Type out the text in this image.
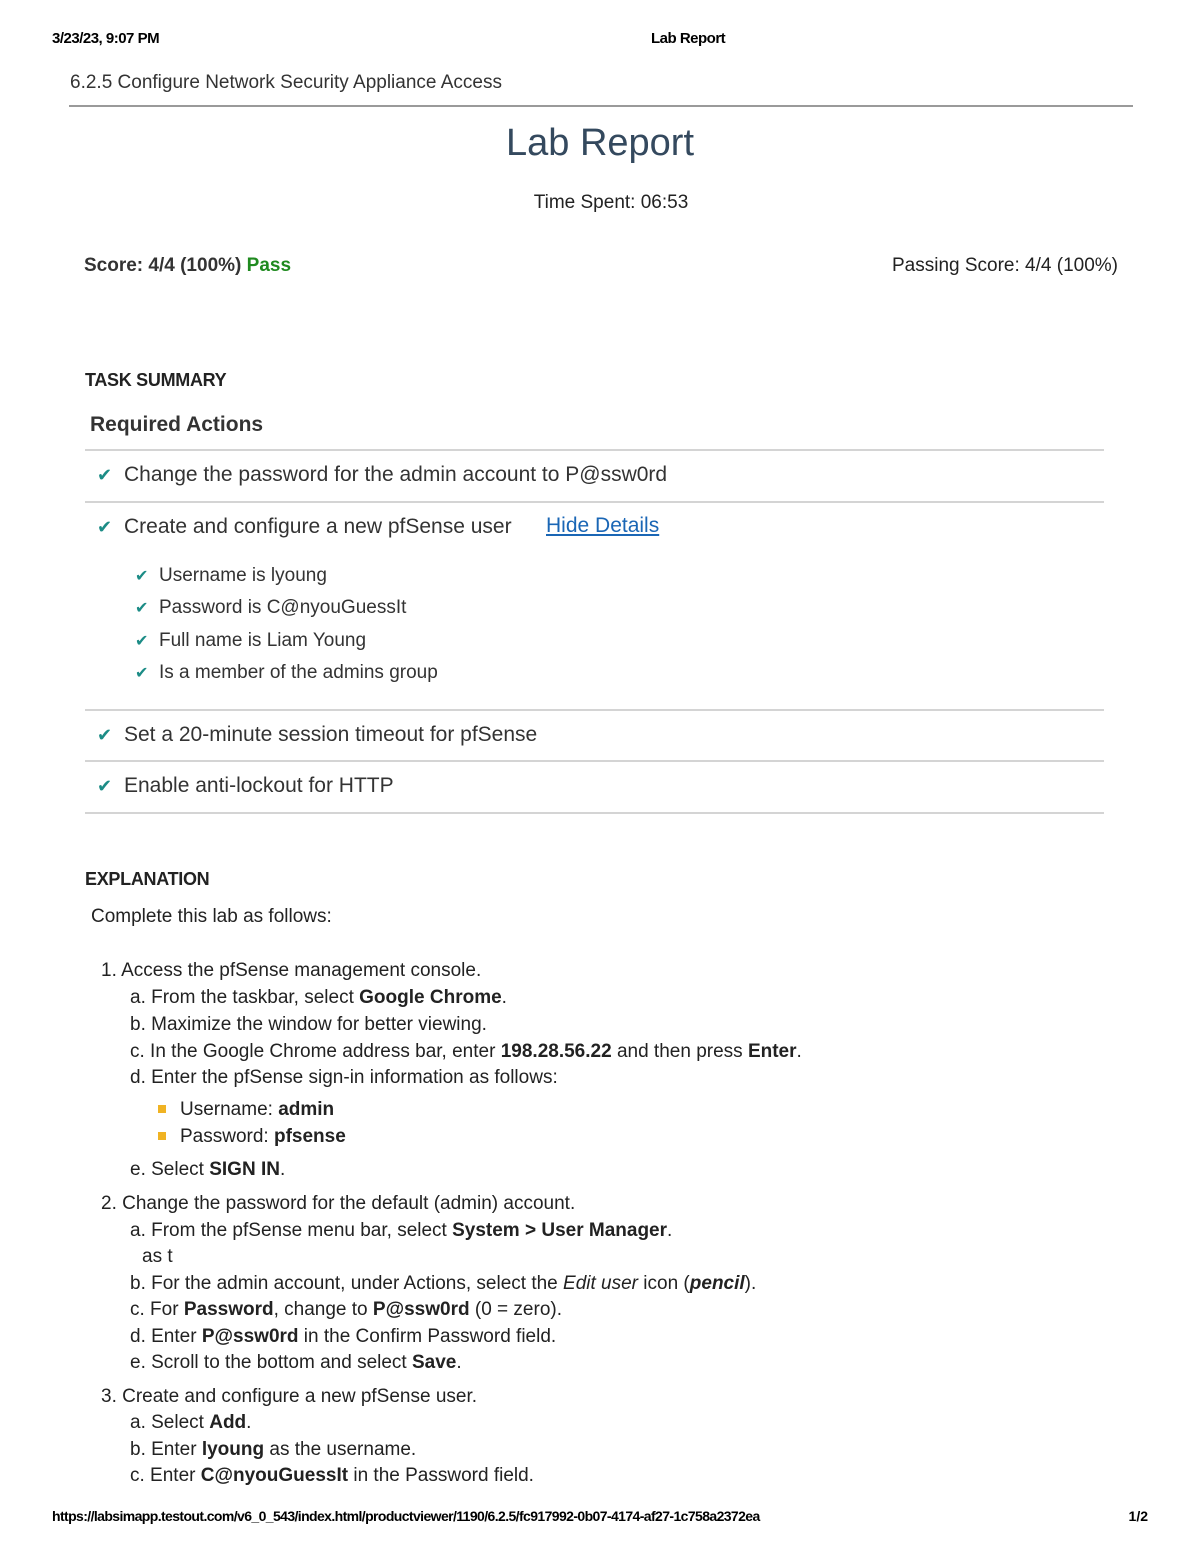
3/23/23, 9:07 PM	Lab Report
6.2.5 Configure Network Security Appliance Access
Lab Report
Time Spent: 06:53
Score: 4/4 (100%) Pass	Passing Score: 4/4 (100%)
TASK SUMMARY
Required Actions
✔ Change the password for the admin account to P@ssw0rd
✔ Create and configure a new pfSense user Hide Details
✔ Username is lyoung
✔ Password is C@nyouGuessIt
✔ Full name is Liam Young
✔ Is a member of the admins group
✔ Set a 20-minute session timeout for pfSense
✔ Enable anti-lockout for HTTP
EXPLANATION
Complete this lab as follows:
1. Access the pfSense management console.
a. From the taskbar, select Google Chrome.
b. Maximize the window for better viewing.
c. In the Google Chrome address bar, enter 198.28.56.22 and then press Enter.
d. Enter the pfSense sign-in information as follows:
Username: admin
Password: pfsense
e. Select SIGN IN.
2. Change the password for the default (admin) account.
a. From the pfSense menu bar, select System > User Manager.
as t
b. For the admin account, under Actions, select the Edit user icon (pencil).
c. For Password, change to P@ssw0rd (0 = zero).
d. Enter P@ssw0rd in the Confirm Password field.
e. Scroll to the bottom and select Save.
3. Create and configure a new pfSense user.
a. Select Add.
b. Enter lyoung as the username.
c. Enter C@nyouGuessIt in the Password field.
https://labsimapp.testout.com/v6_0_543/index.html/productviewer/1190/6.2.5/fc917992-0b07-4174-af27-1c758a2372ea	1/2
